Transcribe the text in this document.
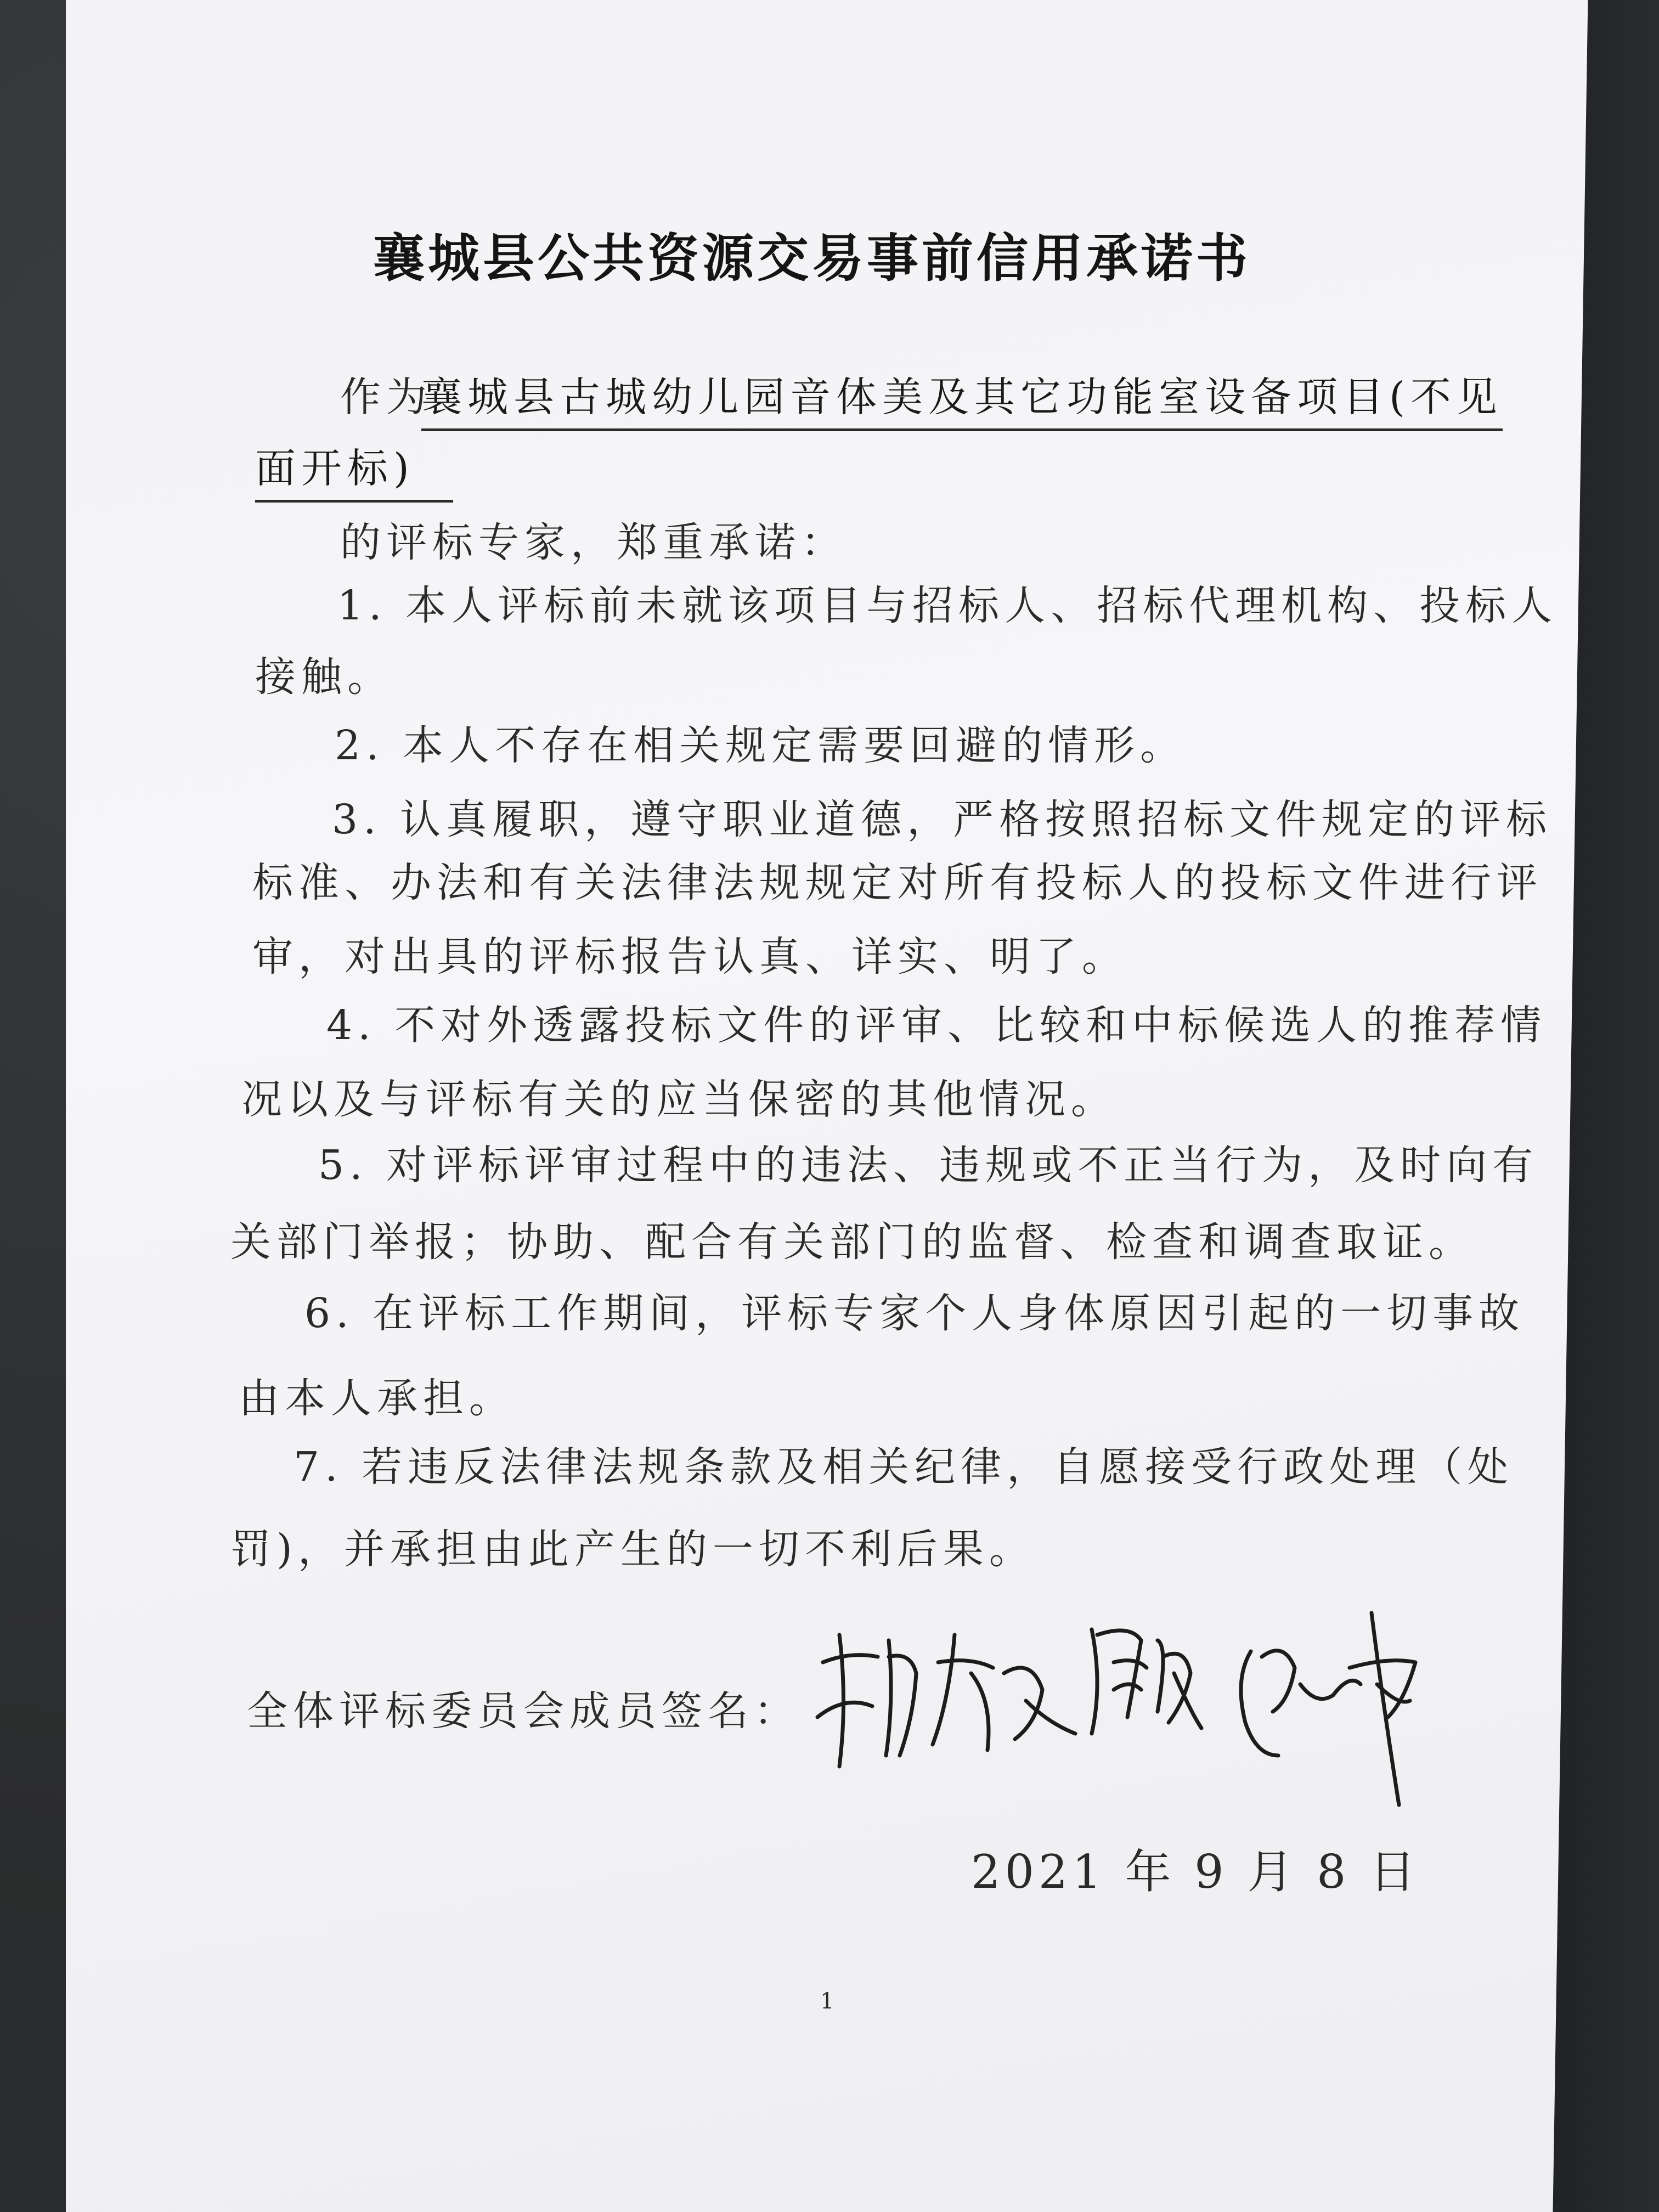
襄城县公共资源交易事前信用承诺书
作为
襄城县古城幼儿园音体美及其它功能室设备项目(不见
面开标)
的评标专家，郑重承诺：
1. 本人评标前未就该项目与招标人、招标代理机构、投标人
接触。
2. 本人不存在相关规定需要回避的情形。
3. 认真履职，遵守职业道德，严格按照招标文件规定的评标
标准、办法和有关法律法规规定对所有投标人的投标文件进行评
审，对出具的评标报告认真、详实、明了。
4. 不对外透露投标文件的评审、比较和中标候选人的推荐情
况以及与评标有关的应当保密的其他情况。
5. 对评标评审过程中的违法、违规或不正当行为，及时向有
关部门举报；协助、配合有关部门的监督、检查和调查取证。
6. 在评标工作期间，评标专家个人身体原因引起的一切事故
由本人承担。
7. 若违反法律法规条款及相关纪律，自愿接受行政处理（处
罚)，并承担由此产生的一切不利后果。
全体评标委员会成员签名：
2021 年 9 月 8 日
1
